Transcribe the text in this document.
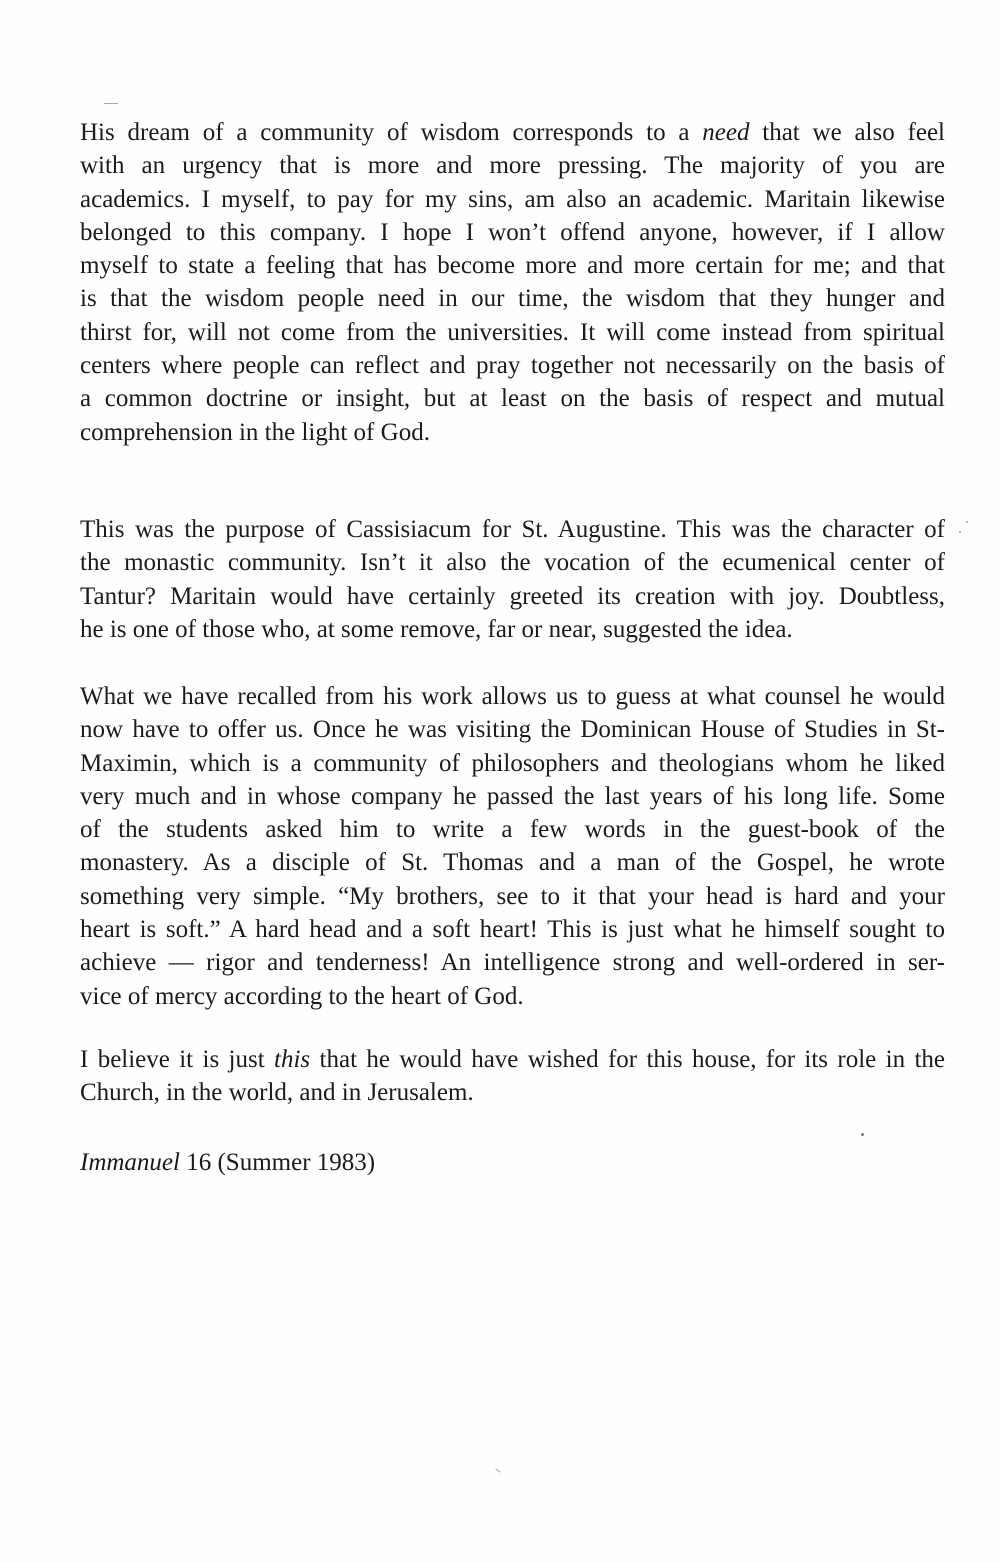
His dream of a community of wisdom corresponds to a need that we also feel
with an urgency that is more and more pressing. The majority of you are
academics. I myself, to pay for my sins, am also an academic. Maritain likewise
belonged to this company. I hope I won’t offend anyone, however, if I allow
myself to state a feeling that has become more and more certain for me; and that
is that the wisdom people need in our time, the wisdom that they hunger and
thirst for, will not come from the universities. It will come instead from spiritual
centers where people can reflect and pray together not necessarily on the basis of
a common doctrine or insight, but at least on the basis of respect and mutual
comprehension in the light of God.
This was the purpose of Cassisiacum for St. Augustine. This was the character of
the monastic community. Isn’t it also the vocation of the ecumenical center of
Tantur? Maritain would have certainly greeted its creation with joy. Doubtless,
he is one of those who, at some remove, far or near, suggested the idea.
What we have recalled from his work allows us to guess at what counsel he would
now have to offer us. Once he was visiting the Dominican House of Studies in St-
Maximin, which is a community of philosophers and theologians whom he liked
very much and in whose company he passed the last years of his long life. Some
of the students asked him to write a few words in the guest-book of the
monastery. As a disciple of St. Thomas and a man of the Gospel, he wrote
something very simple. “My brothers, see to it that your head is hard and your
heart is soft.” A hard head and a soft heart! This is just what he himself sought to
achieve — rigor and tenderness! An intelligence strong and well-ordered in ser-
vice of mercy according to the heart of God.
I believe it is just this that he would have wished for this house, for its role in the
Church, in the world, and in Jerusalem.
Immanuel 16 (Summer 1983)
